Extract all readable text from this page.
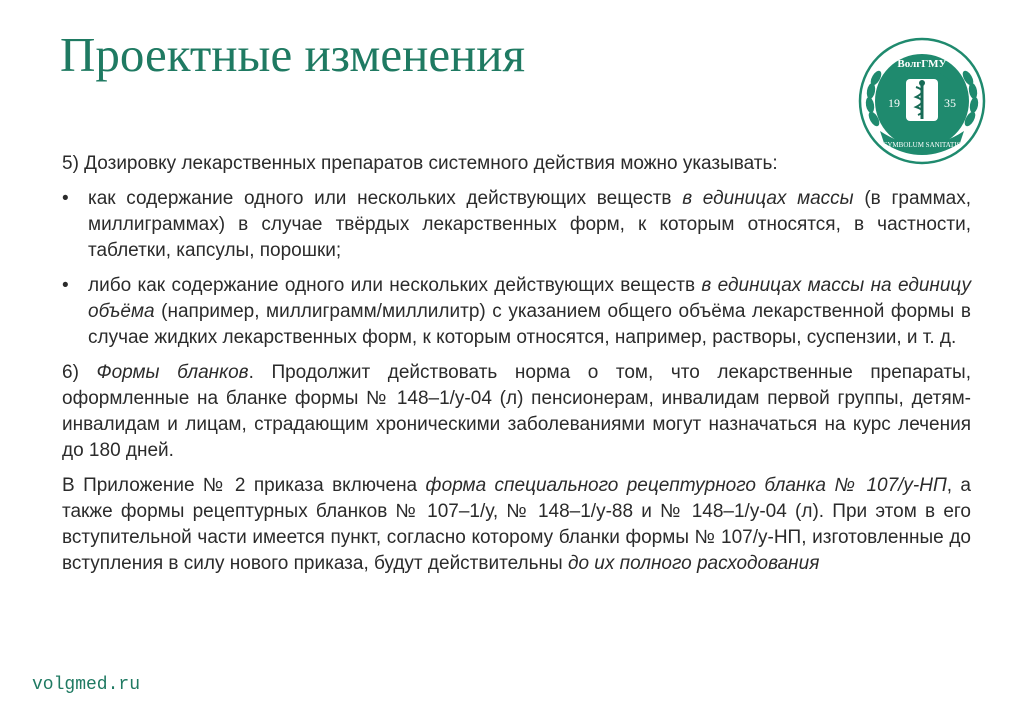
Проектные изменения	ВолгГМУ
19	35
SYMBOLUM SANITATIS

5) Дозировку лекарственных препаратов системного действия можно указывать:

• как содержание одного или нескольких действующих веществ в единицах массы (в граммах, миллиграммах) в случае твёрдых лекарственных форм, к которым относятся, в частности, таблетки, капсулы, порошки;
• либо как содержание одного или нескольких действующих веществ в единицах массы на единицу объёма (например, миллиграмм/миллилитр) с указанием общего объёма лекарственной формы в случае жидких лекарственных форм, к которым относятся, например, растворы, суспензии, и т. д.

6) Формы бланков. Продолжит действовать норма о том, что лекарственные препараты, оформленные на бланке формы № 148–1/у-04 (л) пенсионерам, инвалидам первой группы, детям-инвалидам и лицам, страдающим хроническими заболеваниями могут назначаться на курс лечения до 180 дней.

В Приложение № 2 приказа включена форма специального рецептурного бланка № 107/у-НП, а также формы рецептурных бланков № 107–1/у, № 148–1/у-88 и № 148–1/у-04 (л). При этом в его вступительной части имеется пункт, согласно которому бланки формы № 107/у-НП, изготовленные до вступления в силу нового приказа, будут действительны до их полного расходования

volgmed.ru
